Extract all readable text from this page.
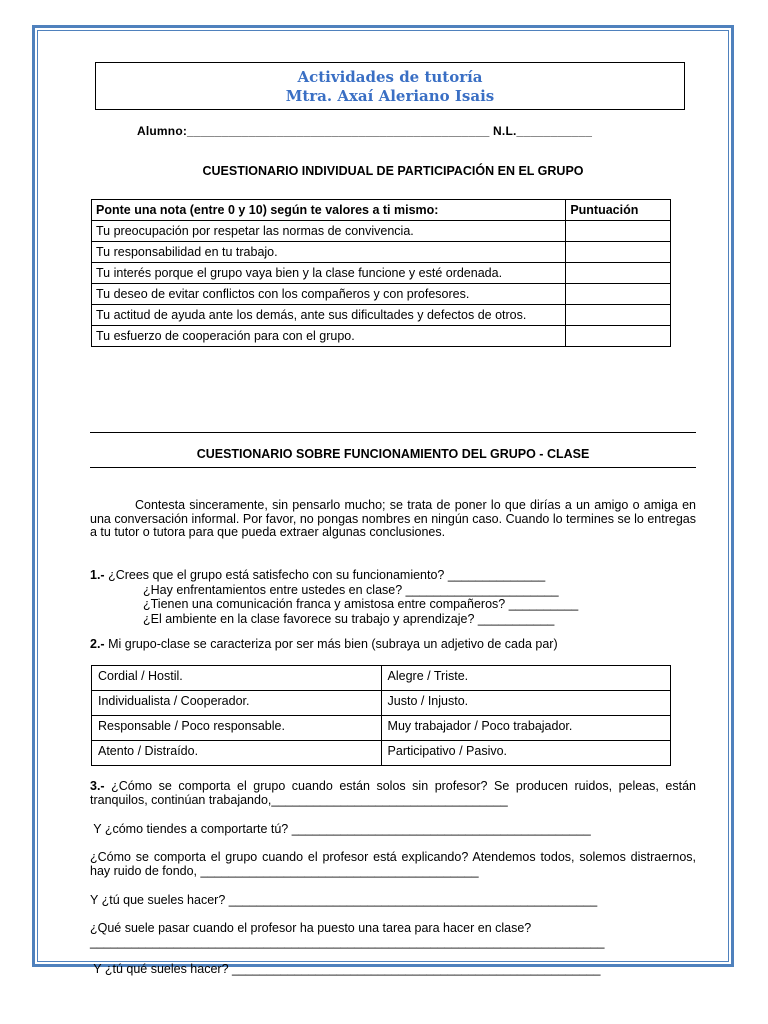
Actividades de tutoría
Mtra. Axaí Aleriano Isais
Alumno:____________________________________________ N.L.___________
CUESTIONARIO INDIVIDUAL DE PARTICIPACIÓN EN EL GRUPO
Ponte una nota (entre 0 y 10) según te valores a ti mismo:	Puntuación
Tu preocupación por respetar las normas de convivencia.	
Tu responsabilidad en tu trabajo.	
Tu interés porque el grupo vaya bien y la clase funcione y esté ordenada.	
Tu deseo de evitar conflictos con los compañeros y con profesores.	
Tu actitud de ayuda ante los demás, ante sus dificultades y defectos de otros.	
Tu esfuerzo de cooperación para con el grupo.	
CUESTIONARIO SOBRE FUNCIONAMIENTO DEL GRUPO - CLASE
Contesta sinceramente, sin pensarlo mucho; se trata de poner lo que dirías a un amigo o amiga en una conversación informal. Por favor, no pongas nombres en ningún caso. Cuando lo termines se lo entregas a tu tutor o tutora para que pueda extraer algunas conclusiones.
1.- ¿Crees que el grupo está satisfecho con su funcionamiento? ______________
¿Hay enfrentamientos entre ustedes en clase? ______________________
¿Tienen una comunicación franca y amistosa entre compañeros? __________
¿El ambiente en la clase favorece su trabajo y aprendizaje? ___________
2.- Mi grupo-clase se caracteriza por ser más bien (subraya un adjetivo de cada par)
Cordial / Hostil.	Alegre / Triste.
Individualista / Cooperador.	Justo / Injusto.
Responsable / Poco responsable.	Muy trabajador / Poco trabajador.
Atento / Distraído.	Participativo / Pasivo.
3.- ¿Cómo se comporta el grupo cuando están solos sin profesor? Se producen ruidos, peleas, están tranquilos, continúan trabajando,__________________________________
Y ¿cómo tiendes a comportarte tú? ___________________________________________
¿Cómo se comporta el grupo cuando el profesor está explicando? Atendemos todos, solemos distraernos, hay ruido de fondo, ________________________________________
Y ¿tú que sueles hacer? _____________________________________________________
¿Qué suele pasar cuando el profesor ha puesto una tarea para hacer en clase?
__________________________________________________________________________
Y ¿tú qué sueles hacer? _____________________________________________________
